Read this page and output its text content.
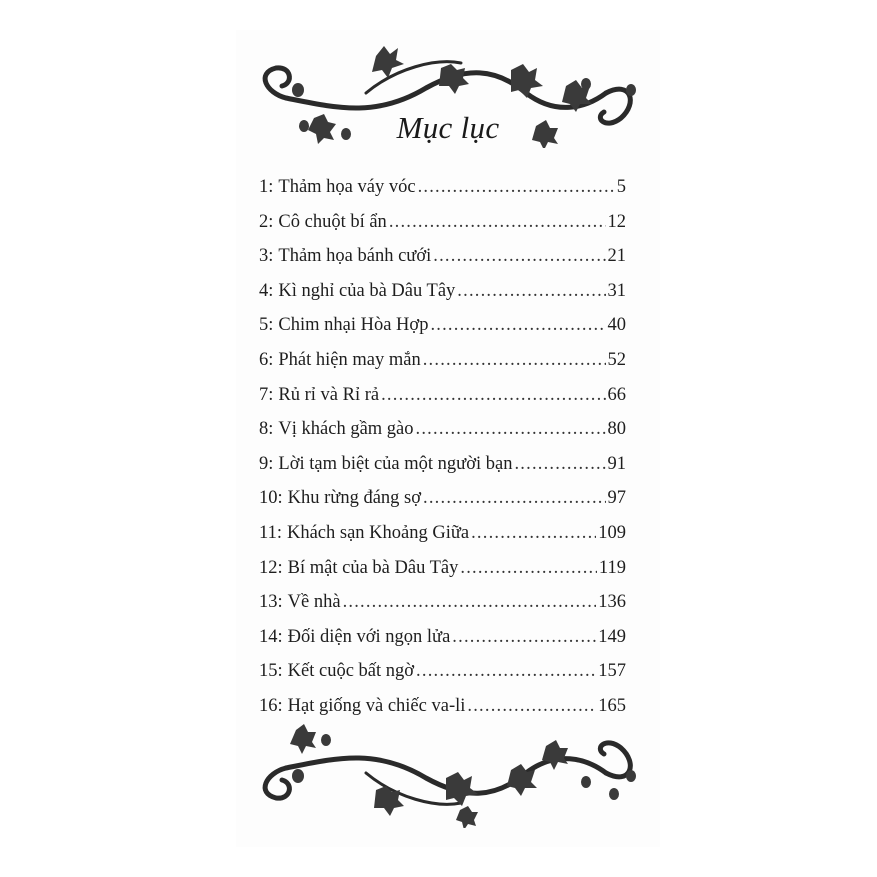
Mục lục
1: Thảm họa váy vóc .....	5
2: Cô chuột bí ẩn .....	12
3: Thảm họa bánh cưới .....	21
4: Kì nghỉ của bà Dâu Tây .....	31
5: Chim nhại Hòa Hợp .....	40
6: Phát hiện may mắn .....	52
7: Rủ rỉ và Rỉ rả .....	66
8: Vị khách gầm gào .....	80
9: Lời tạm biệt của một người bạn .....	91
10: Khu rừng đáng sợ .....	97
11: Khách sạn Khoảng Giữa .....	109
12: Bí mật của bà Dâu Tây .....	119
13: Về nhà .....	136
14: Đối diện với ngọn lửa .....	149
15: Kết cuộc bất ngờ .....	157
16: Hạt giống và chiếc va-li .....	165
